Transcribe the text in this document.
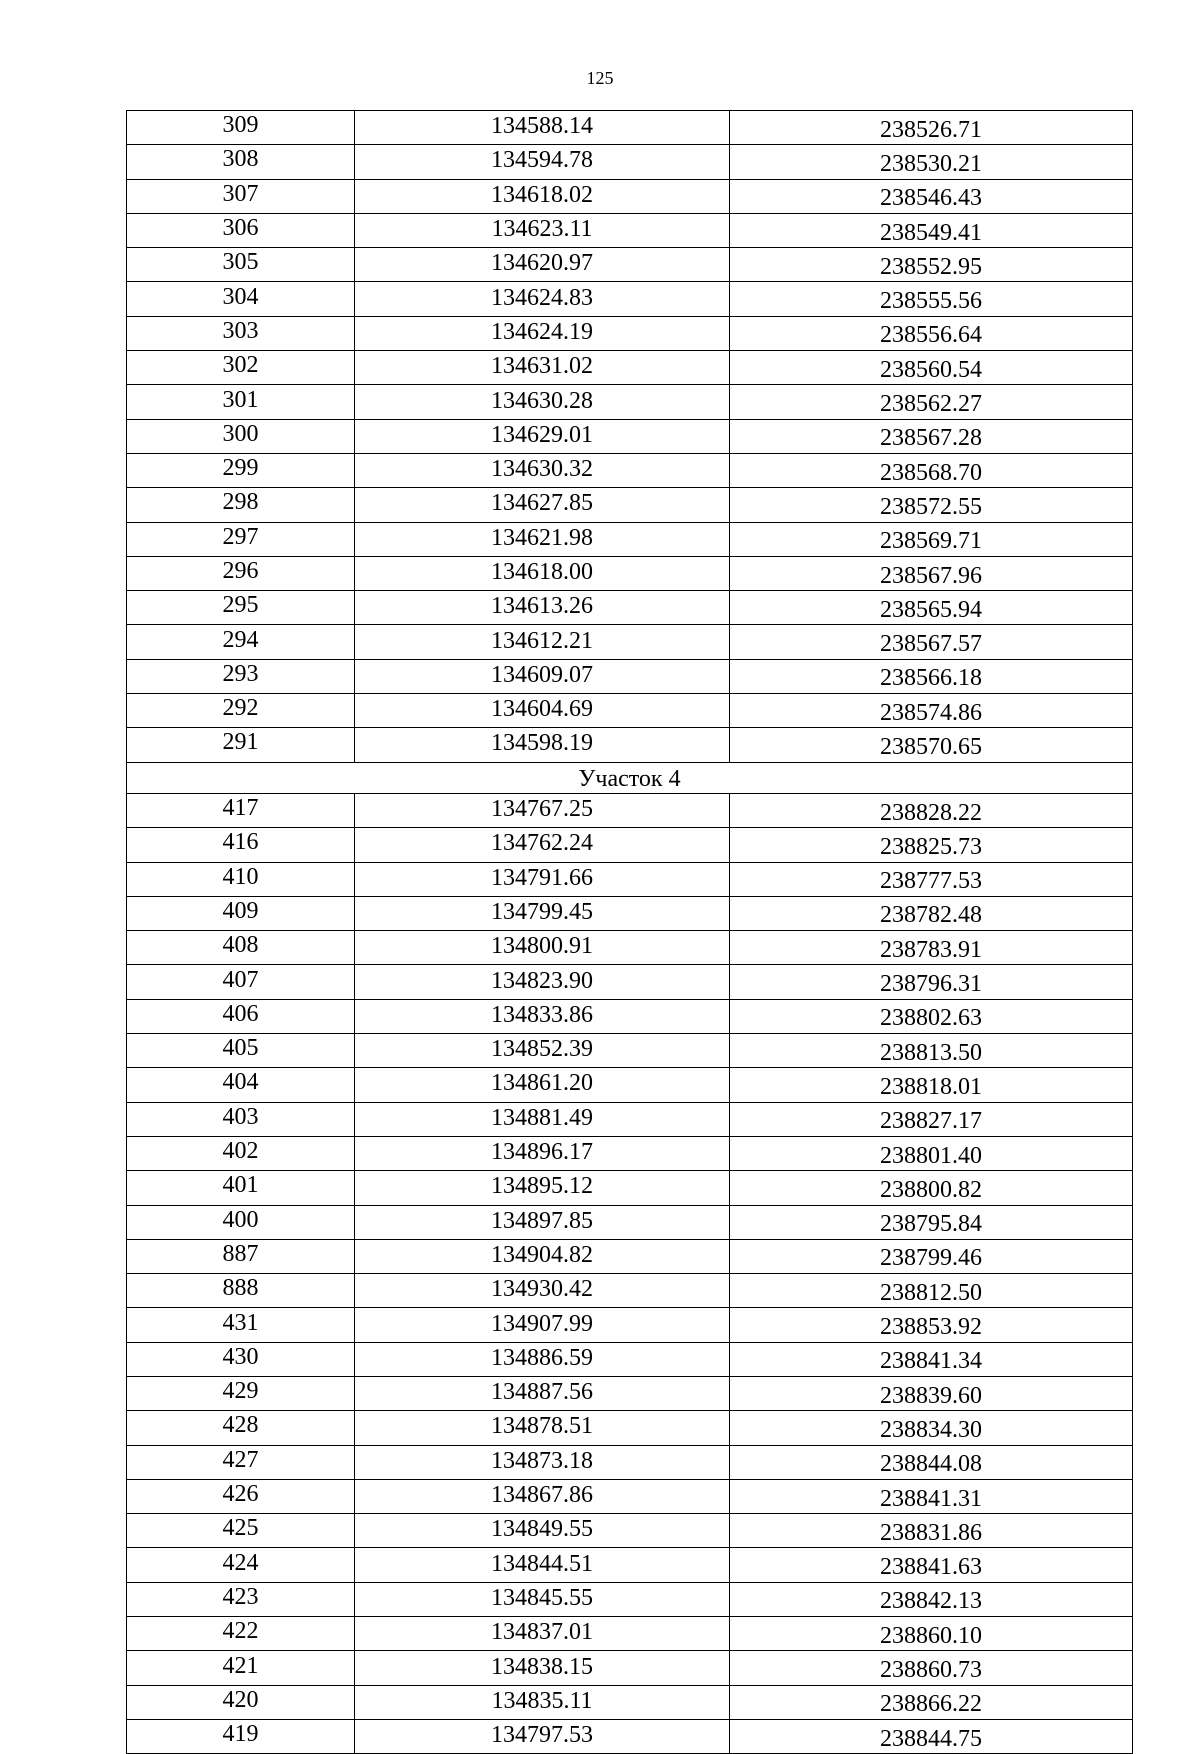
125
309	134588.14	238526.71
308	134594.78	238530.21
307	134618.02	238546.43
306	134623.11	238549.41
305	134620.97	238552.95
304	134624.83	238555.56
303	134624.19	238556.64
302	134631.02	238560.54
301	134630.28	238562.27
300	134629.01	238567.28
299	134630.32	238568.70
298	134627.85	238572.55
297	134621.98	238569.71
296	134618.00	238567.96
295	134613.26	238565.94
294	134612.21	238567.57
293	134609.07	238566.18
292	134604.69	238574.86
291	134598.19	238570.65
Участок 4		
417	134767.25	238828.22
416	134762.24	238825.73
410	134791.66	238777.53
409	134799.45	238782.48
408	134800.91	238783.91
407	134823.90	238796.31
406	134833.86	238802.63
405	134852.39	238813.50
404	134861.20	238818.01
403	134881.49	238827.17
402	134896.17	238801.40
401	134895.12	238800.82
400	134897.85	238795.84
887	134904.82	238799.46
888	134930.42	238812.50
431	134907.99	238853.92
430	134886.59	238841.34
429	134887.56	238839.60
428	134878.51	238834.30
427	134873.18	238844.08
426	134867.86	238841.31
425	134849.55	238831.86
424	134844.51	238841.63
423	134845.55	238842.13
422	134837.01	238860.10
421	134838.15	238860.73
420	134835.11	238866.22
419	134797.53	238844.75
